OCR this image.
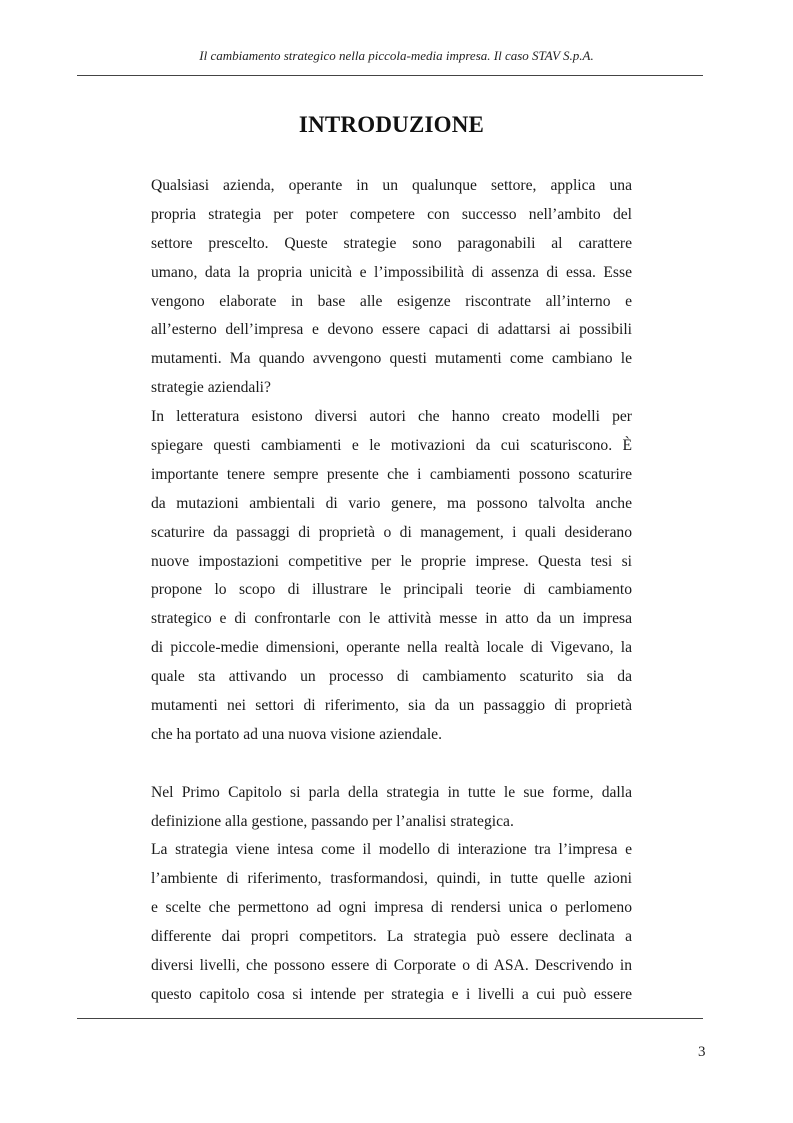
Il cambiamento strategico nella piccola-media impresa. Il caso STAV S.p.A.
INTRODUZIONE
Qualsiasi azienda, operante in un qualunque settore, applica una
propria strategia per poter competere con successo nell’ambito del
settore prescelto. Queste strategie sono paragonabili al carattere
umano, data la propria unicità e l’impossibilità di assenza di essa. Esse
vengono elaborate in base alle esigenze riscontrate all’interno e
all’esterno dell’impresa e devono essere capaci di adattarsi ai possibili
mutamenti. Ma quando avvengono questi mutamenti come cambiano le
strategie aziendali?
In letteratura esistono diversi autori che hanno creato modelli per
spiegare questi cambiamenti e le motivazioni da cui scaturiscono. È
importante tenere sempre presente che i cambiamenti possono scaturire
da mutazioni ambientali di vario genere, ma possono talvolta anche
scaturire da passaggi di proprietà o di management, i quali desiderano
nuove impostazioni competitive per le proprie imprese. Questa tesi si
propone lo scopo di illustrare le principali teorie di cambiamento
strategico e di confrontarle con le attività messe in atto da un impresa
di piccole-medie dimensioni, operante nella realtà locale di Vigevano, la
quale sta attivando un processo di cambiamento scaturito sia da
mutamenti nei settori di riferimento, sia da un passaggio di proprietà
che ha portato ad una nuova visione aziendale.
Nel Primo Capitolo si parla della strategia in tutte le sue forme, dalla
definizione alla gestione, passando per l’analisi strategica.
La strategia viene intesa come il modello di interazione tra l’impresa e
l’ambiente di riferimento, trasformandosi, quindi, in tutte quelle azioni
e scelte che permettono ad ogni impresa di rendersi unica o perlomeno
differente dai propri competitors. La strategia può essere declinata a
diversi livelli, che possono essere di Corporate o di ASA. Descrivendo in
questo capitolo cosa si intende per strategia e i livelli a cui può essere
3
